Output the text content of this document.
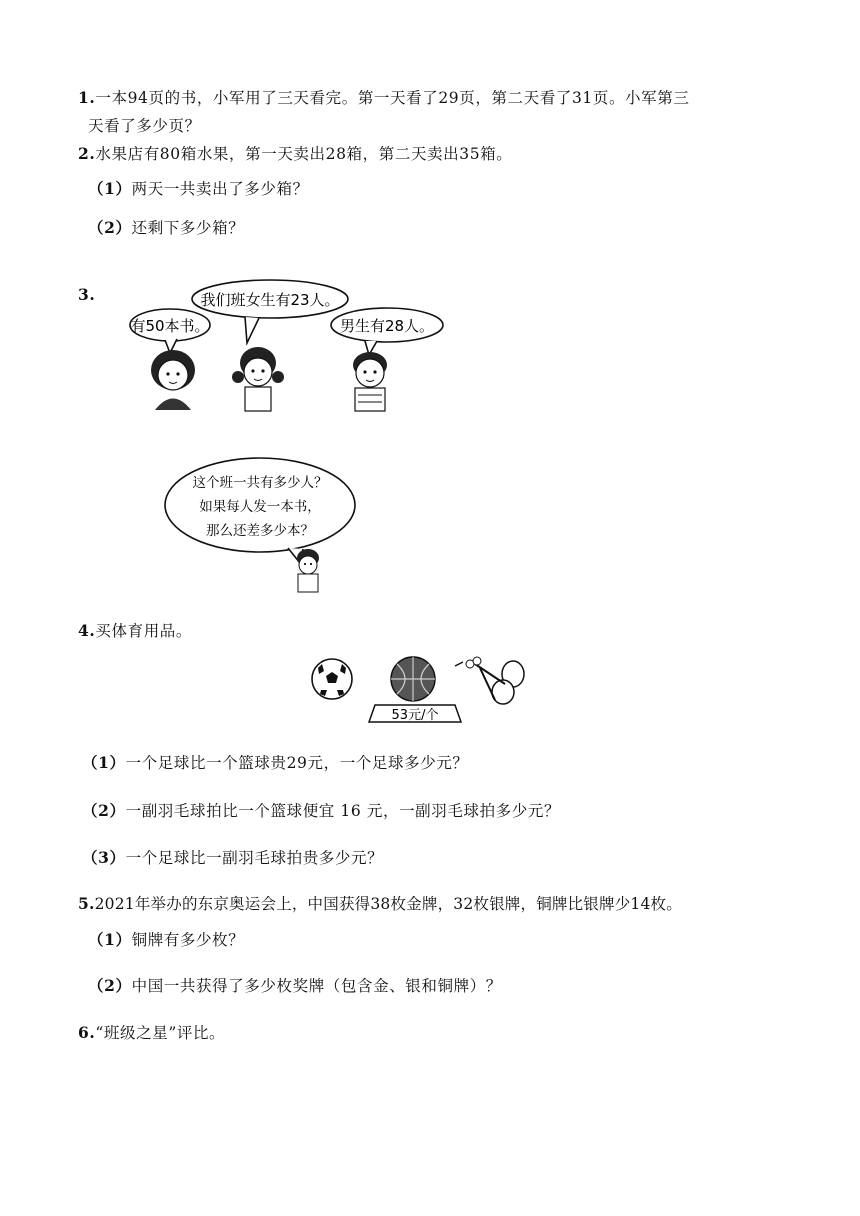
1.一本94页的书，小军用了三天看完。第一天看了29页，第二天看了31页。小军第三
天看了多少页？
2.水果店有80箱水果，第一天卖出28箱，第二天卖出35箱。
（1）两天一共卖出了多少箱？
（2）还剩下多少箱？
3.
有50本书。
我们班女生有23人。
男生有28人。
这个班一共有多少人？
如果每人发一本书，
那么还差多少本？
4.买体育用品。
53元/个
（1）一个足球比一个篮球贵29元，一个足球多少元？
（2）一副羽毛球拍比一个篮球便宜 16 元，一副羽毛球拍多少元？
（3）一个足球比一副羽毛球拍贵多少元？
5.2021年举办的东京奥运会上，中国获得38枚金牌，32枚银牌，铜牌比银牌少14枚。
（1）铜牌有多少枚？
（2）中国一共获得了多少枚奖牌（包含金、银和铜牌）？
6.“班级之星”评比。
